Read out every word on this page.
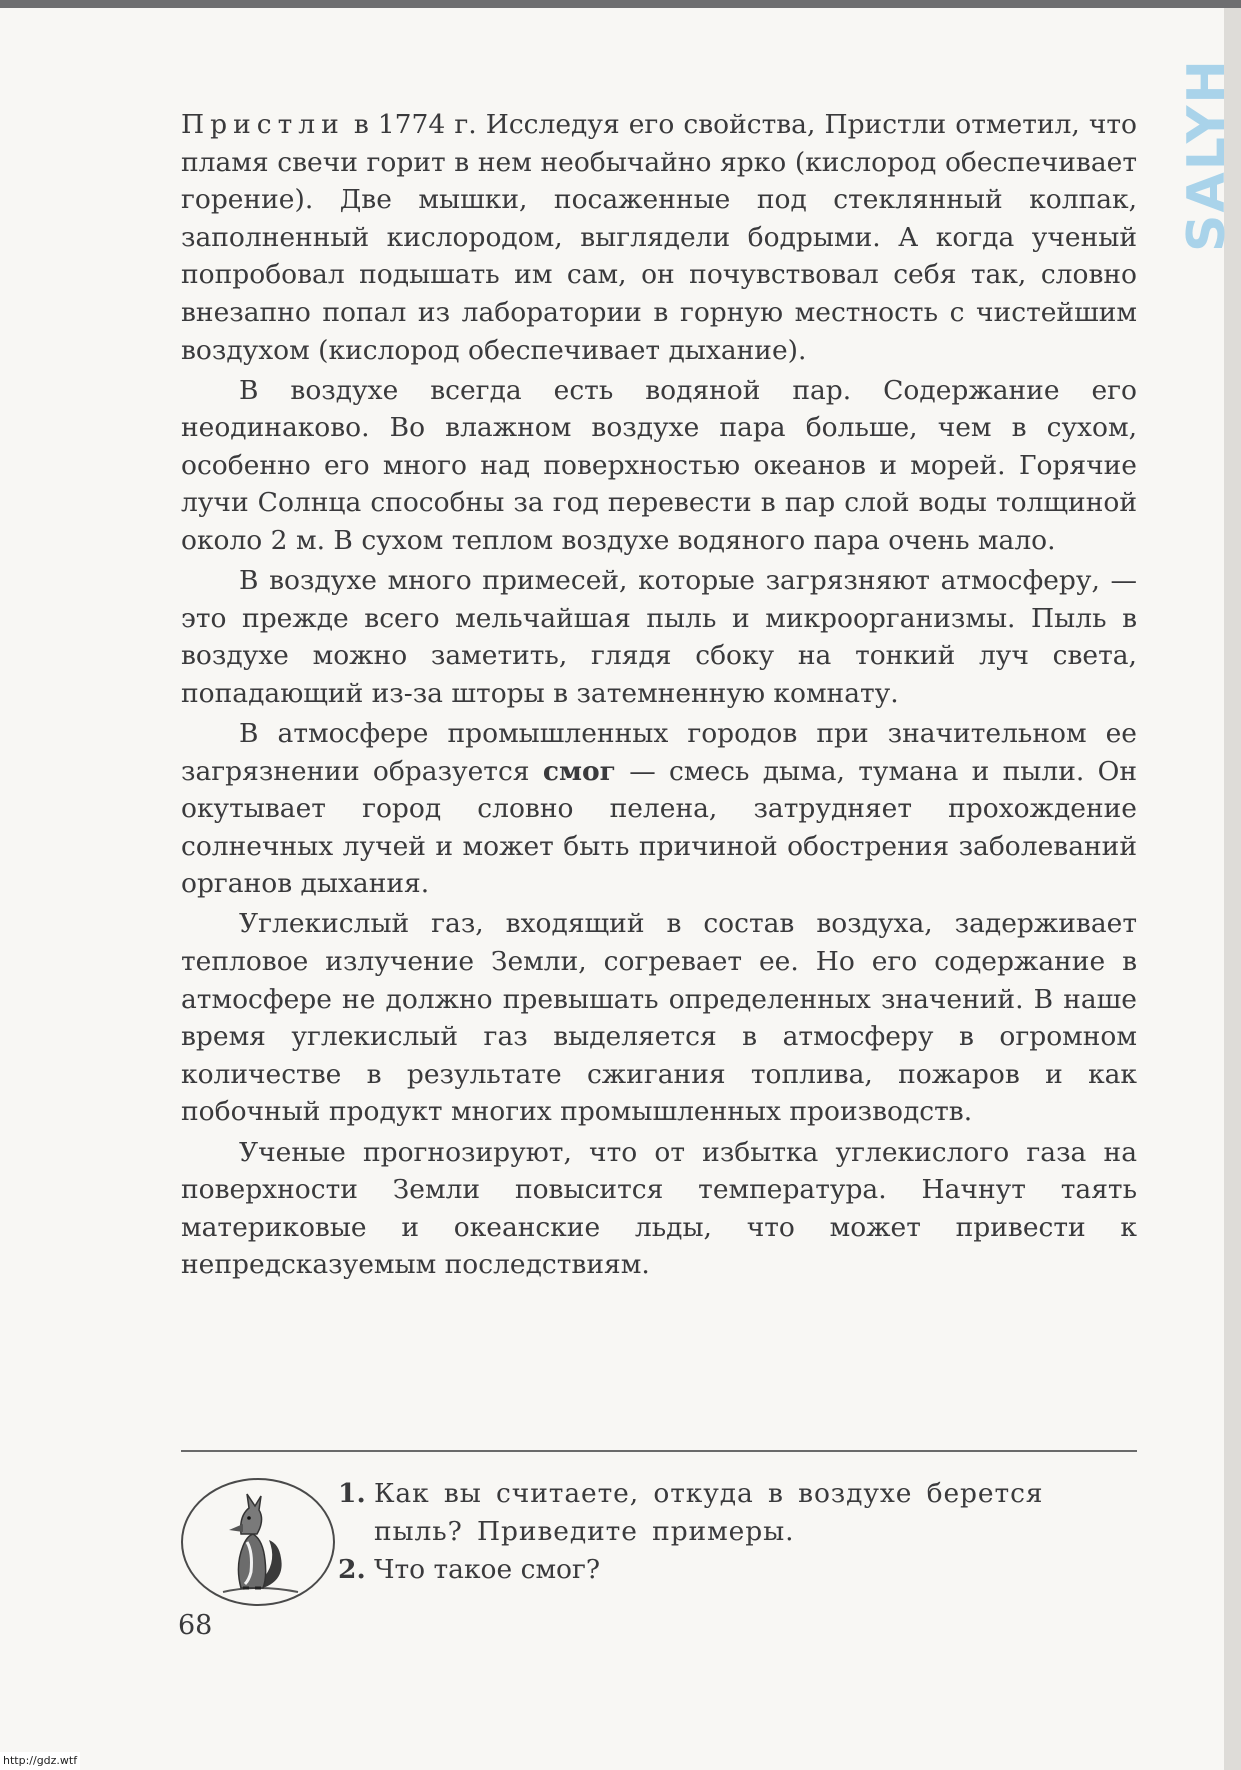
SALYH

Пристли в 1774 г. Исследуя его свойства, Пристли отметил, что пламя свечи горит в нем необычайно ярко (кислород обеспечивает горение). Две мышки, посаженные под стеклянный колпак, заполненный кислородом, выглядели бодрыми. А когда ученый попробовал подышать им сам, он почувствовал себя так, словно внезапно попал из лаборатории в горную местность с чистейшим воздухом (кислород обеспечивает дыхание).

В воздухе всегда есть водяной пар. Содержание его неодинаково. Во влажном воздухе пара больше, чем в сухом, особенно его много над поверхностью океанов и морей. Горячие лучи Солнца способны за год перевести в пар слой воды толщиной около 2 м. В сухом теплом воздухе водяного пара очень мало.

В воздухе много примесей, которые загрязняют атмосферу, — это прежде всего мельчайшая пыль и микроорганизмы. Пыль в воздухе можно заметить, глядя сбоку на тонкий луч света, попадающий из-за шторы в затемненную комнату.

В атмосфере промышленных городов при значительном ее загрязнении образуется смог — смесь дыма, тумана и пыли. Он окутывает город словно пелена, затрудняет прохождение солнечных лучей и может быть причиной обострения заболеваний органов дыхания.

Углекислый газ, входящий в состав воздуха, задерживает тепловое излучение Земли, согревает ее. Но его содержание в атмосфере не должно превышать определенных значений. В наше время углекислый газ выделяется в атмосферу в огромном количестве в результате сжигания топлива, пожаров и как побочный продукт многих промышленных производств.

Ученые прогнозируют, что от избытка углекислого газа на поверхности Земли повысится температура. Начнут таять материковые и океанские льды, что может привести к непредсказуемым последствиям.

1. Как вы считаете, откуда в воздухе берется пыль? Приведите примеры.
2. Что такое смог?
68
http://gdz.wtf
